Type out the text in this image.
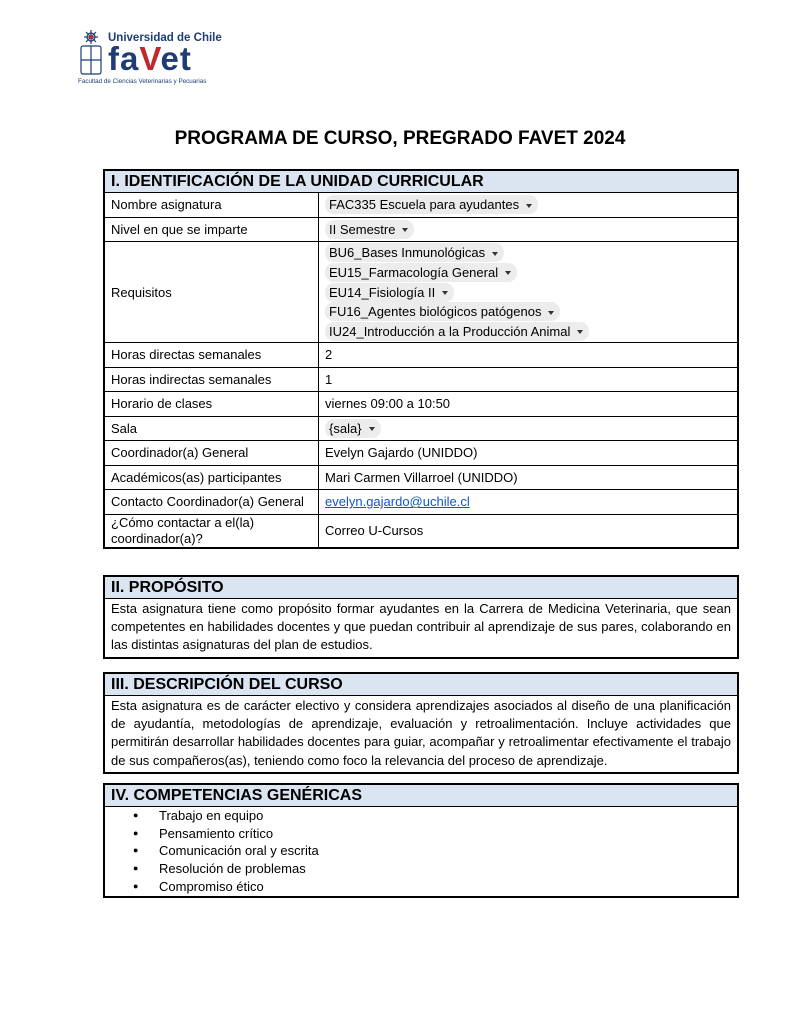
Universidad de Chile
faVet
Facultad de Ciencias Veterinarias y Pecuarias
PROGRAMA DE CURSO, PREGRADO FAVET 2024
I. IDENTIFICACIÓN DE LA UNIDAD CURRICULAR	
Nombre asignatura	FAC335 Escuela para ayudantes
Nivel en que se imparte	II Semestre
Requisitos	BU6_Bases Inmunológicas
EU15_Farmacología General
EU14_Fisiología II
FU16_Agentes biológicos patógenos
IU24_Introducción a la Producción Animal

Horas directas semanales	2
Horas indirectas semanales	1
Horario de clases	viernes 09:00 a 10:50
Sala	{sala}
Coordinador(a) General	Evelyn Gajardo (UNIDDO)
Académicos(as) participantes	Mari Carmen Villarroel (UNIDDO)
Contacto Coordinador(a) General	evelyn.gajardo@uchile.cl
¿Cómo contactar a el(la) coordinador(a)?	Correo U-Cursos
II. PROPÓSITO
Esta asignatura tiene como propósito formar ayudantes en la Carrera de Medicina Veterinaria, que sean competentes en habilidades docentes y que puedan contribuir al aprendizaje de sus pares, colaborando en las distintas asignaturas del plan de estudios.
III. DESCRIPCIÓN DEL CURSO
Esta asignatura es de carácter electivo y considera aprendizajes asociados al diseño de una planificación de ayudantía, metodologías de aprendizaje, evaluación y retroalimentación. Incluye actividades que permitirán desarrollar habilidades docentes para guiar, acompañar y retroalimentar efectivamente el trabajo de sus compañeros(as), teniendo como foco la relevancia del proceso de aprendizaje.
IV. COMPETENCIAS GENÉRICAS

● Trabajo en equipo
● Pensamiento crítico
● Comunicación oral y escrita
● Resolución de problemas
● Compromiso ético
